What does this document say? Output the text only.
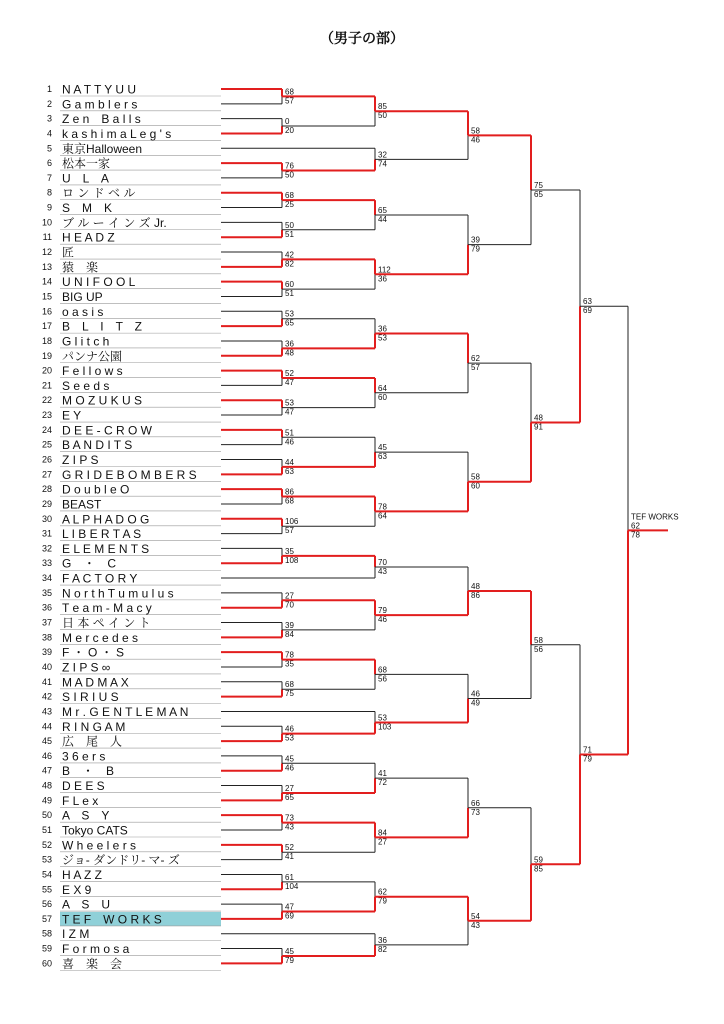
（男子の部）
1 N A T T Y U U
2 G a m b l e r s
3 Z e n　B a l l s
4 k a s h i m a L e g ' s
5 東京Halloween
6 松本一家
7 U　L　A
8 ロ ン ド ベ ル
9 S　M　K
10 ブ ル ー イ ン ズ Jr.
11 H E A D Z
12 匠
13 猿　楽
14 U N I F O O L
15 BIG UP
16 o a s i s
17 B　L　I　T　Z
18 G l i t c h
19 パンナ公園
20 F e l l o w s
21 S e e d s
22 M O Z U K U S
23 E Y
24 D E E - C R O W
25 B A N D I T S
26 Z I P S
27 G R I D E B O M B E R S
28 D o u b l e O
29 BEAST
30 A L P H A D O G
31 L I B E R T A S
32 E L E M E N T S
33 G　・　C
34 F A C T O R Y
35 N o r t h T u m u l u s
36 T e a m - M a c y
37 日 本 ペ イ ン ト
38 M e r c e d e s
39 F ・ O ・ S
40 Z I P S ∞
41 M A D M A X
42 S I R I U S
43 M r . G E N T L E M A N
44 R I N G A M
45 広　尾　人
46 3 6 e r s
47 B　・　B
48 D E E S
49 F L e x
50 A　S　Y
51 Tokyo CATS
52 W h e e l e r s
53 ジョ- ダンドリ- マ- ズ
54 H A Z Z
55 E X 9
56 A　S　U
57 T E F　W O R K S
58 I Z M
59 F o r m o s a
60 喜　楽　会
68
57
0
20
76
50
68
25
50
51
42
82
60
51
53
65
36
48
52
47
53
47
51
46
44
63
86
68
106
57
35
108
27
70
39
84
78
35
68
75
46
53
45
46
27
65
73
43
52
41
61
104
47
69
45
79
85
50
32
74
65
44
112
36
36
53
64
60
45
63
78
64
70
43
79
46
68
56
53
103
41
72
84
27
62
79
36
82
58
46
39
79
62
57
58
60
48
86
46
49
66
73
54
43
75
65
48
91
58
56
59
85
63
69
71
79
62
78
TEF WORKS
